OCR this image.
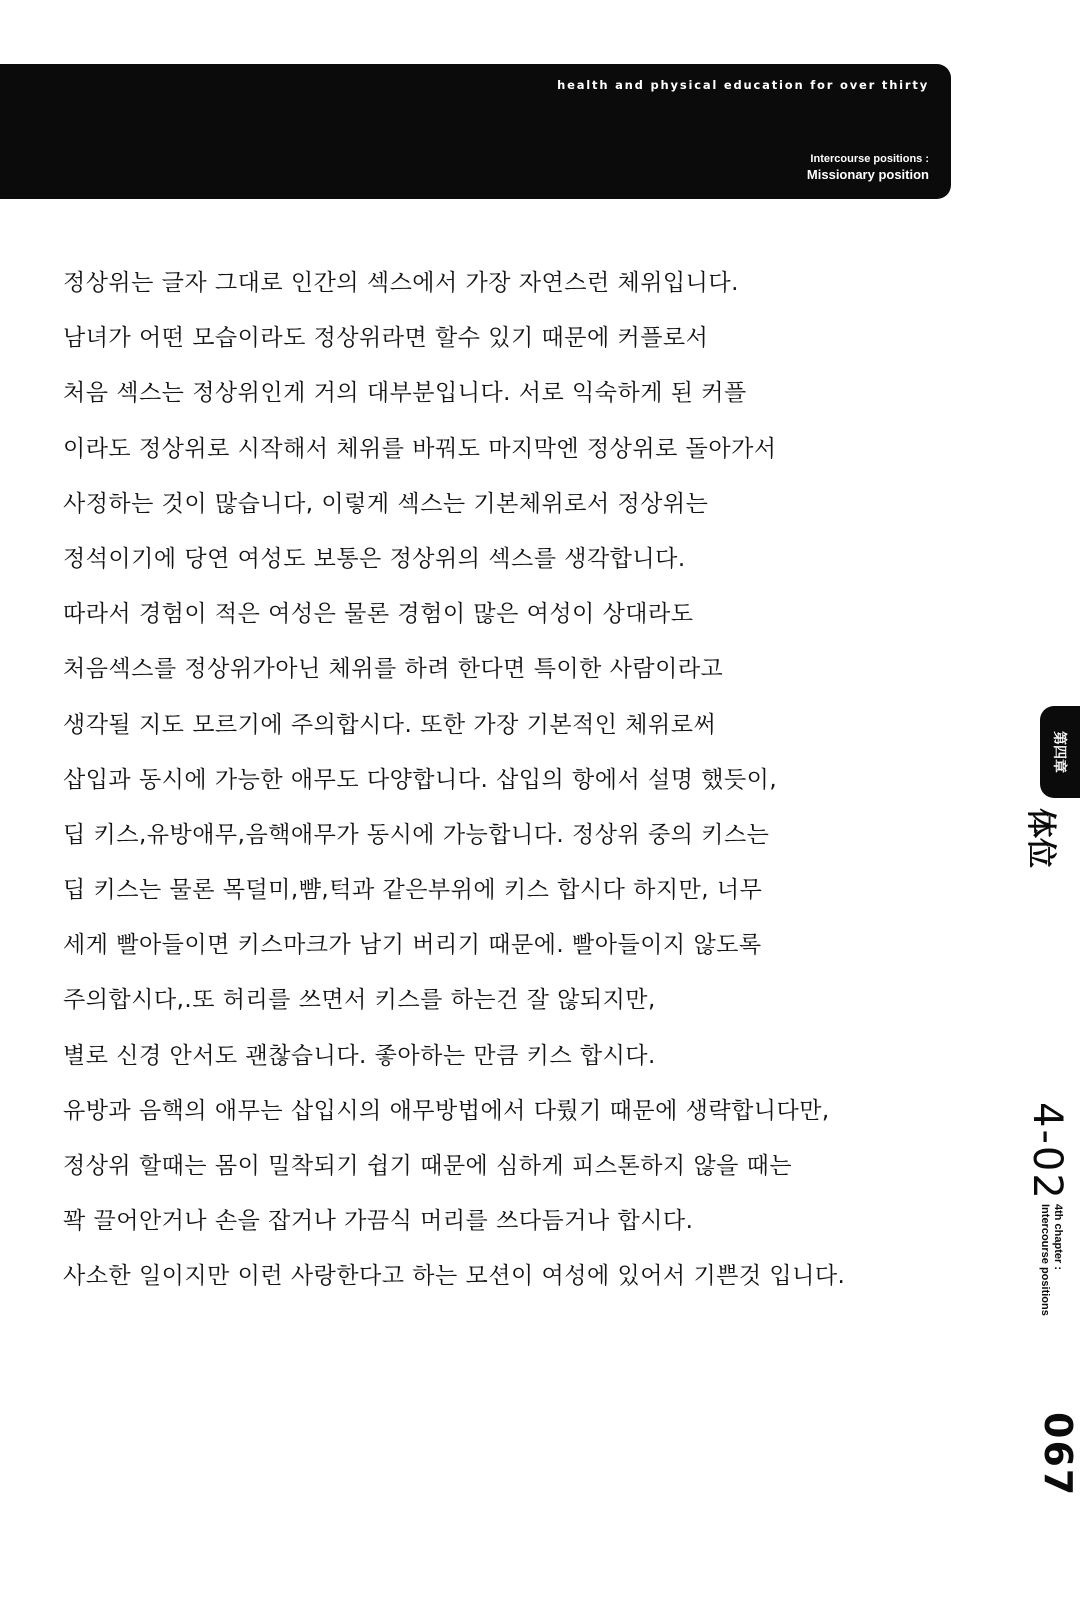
health and physical education for over thirty
Intercourse positions :
Missionary position
정상위는 글자 그대로 인간의 섹스에서 가장 자연스런 체위입니다.
남녀가 어떤 모습이라도 정상위라면 할수 있기 때문에 커플로서
처음 섹스는 정상위인게 거의 대부분입니다. 서로 익숙하게 된 커플
이라도 정상위로 시작해서 체위를 바꿔도 마지막엔 정상위로 돌아가서
사정하는 것이 많습니다, 이렇게 섹스는 기본체위로서 정상위는
정석이기에 당연 여성도 보통은 정상위의 섹스를 생각합니다.
따라서 경험이 적은 여성은 물론 경험이 많은 여성이 상대라도
처음섹스를 정상위가아닌 체위를 하려 한다면 특이한 사람이라고
생각될 지도 모르기에 주의합시다. 또한 가장 기본적인 체위로써
삽입과 동시에 가능한 애무도 다양합니다. 삽입의 항에서 설명 했듯이,
딥 키스,유방애무,음핵애무가 동시에 가능합니다. 정상위 중의 키스는
딥 키스는 물론 목덜미,뺨,턱과 같은부위에 키스 합시다 하지만, 너무
세게 빨아들이면 키스마크가 남기 버리기 때문에. 빨아들이지 않도록
주의합시다,.또 허리를 쓰면서 키스를 하는건 잘 않되지만,
별로 신경 안서도 괜찮습니다. 좋아하는 만큼 키스 합시다.
유방과 음핵의 애무는 삽입시의 애무방법에서 다뤘기 때문에 생략합니다만,
정상위 할때는 몸이 밀착되기 쉽기 때문에 심하게 피스톤하지 않을 때는
꽉 끌어안거나 손을 잡거나 가끔식 머리를 쓰다듬거나 합시다.
사소한 일이지만 이런 사랑한다고 하는 모션이 여성에 있어서 기쁜것 입니다.
第四章
体位
4-02
4th chapter :
Intercourse positions
067
